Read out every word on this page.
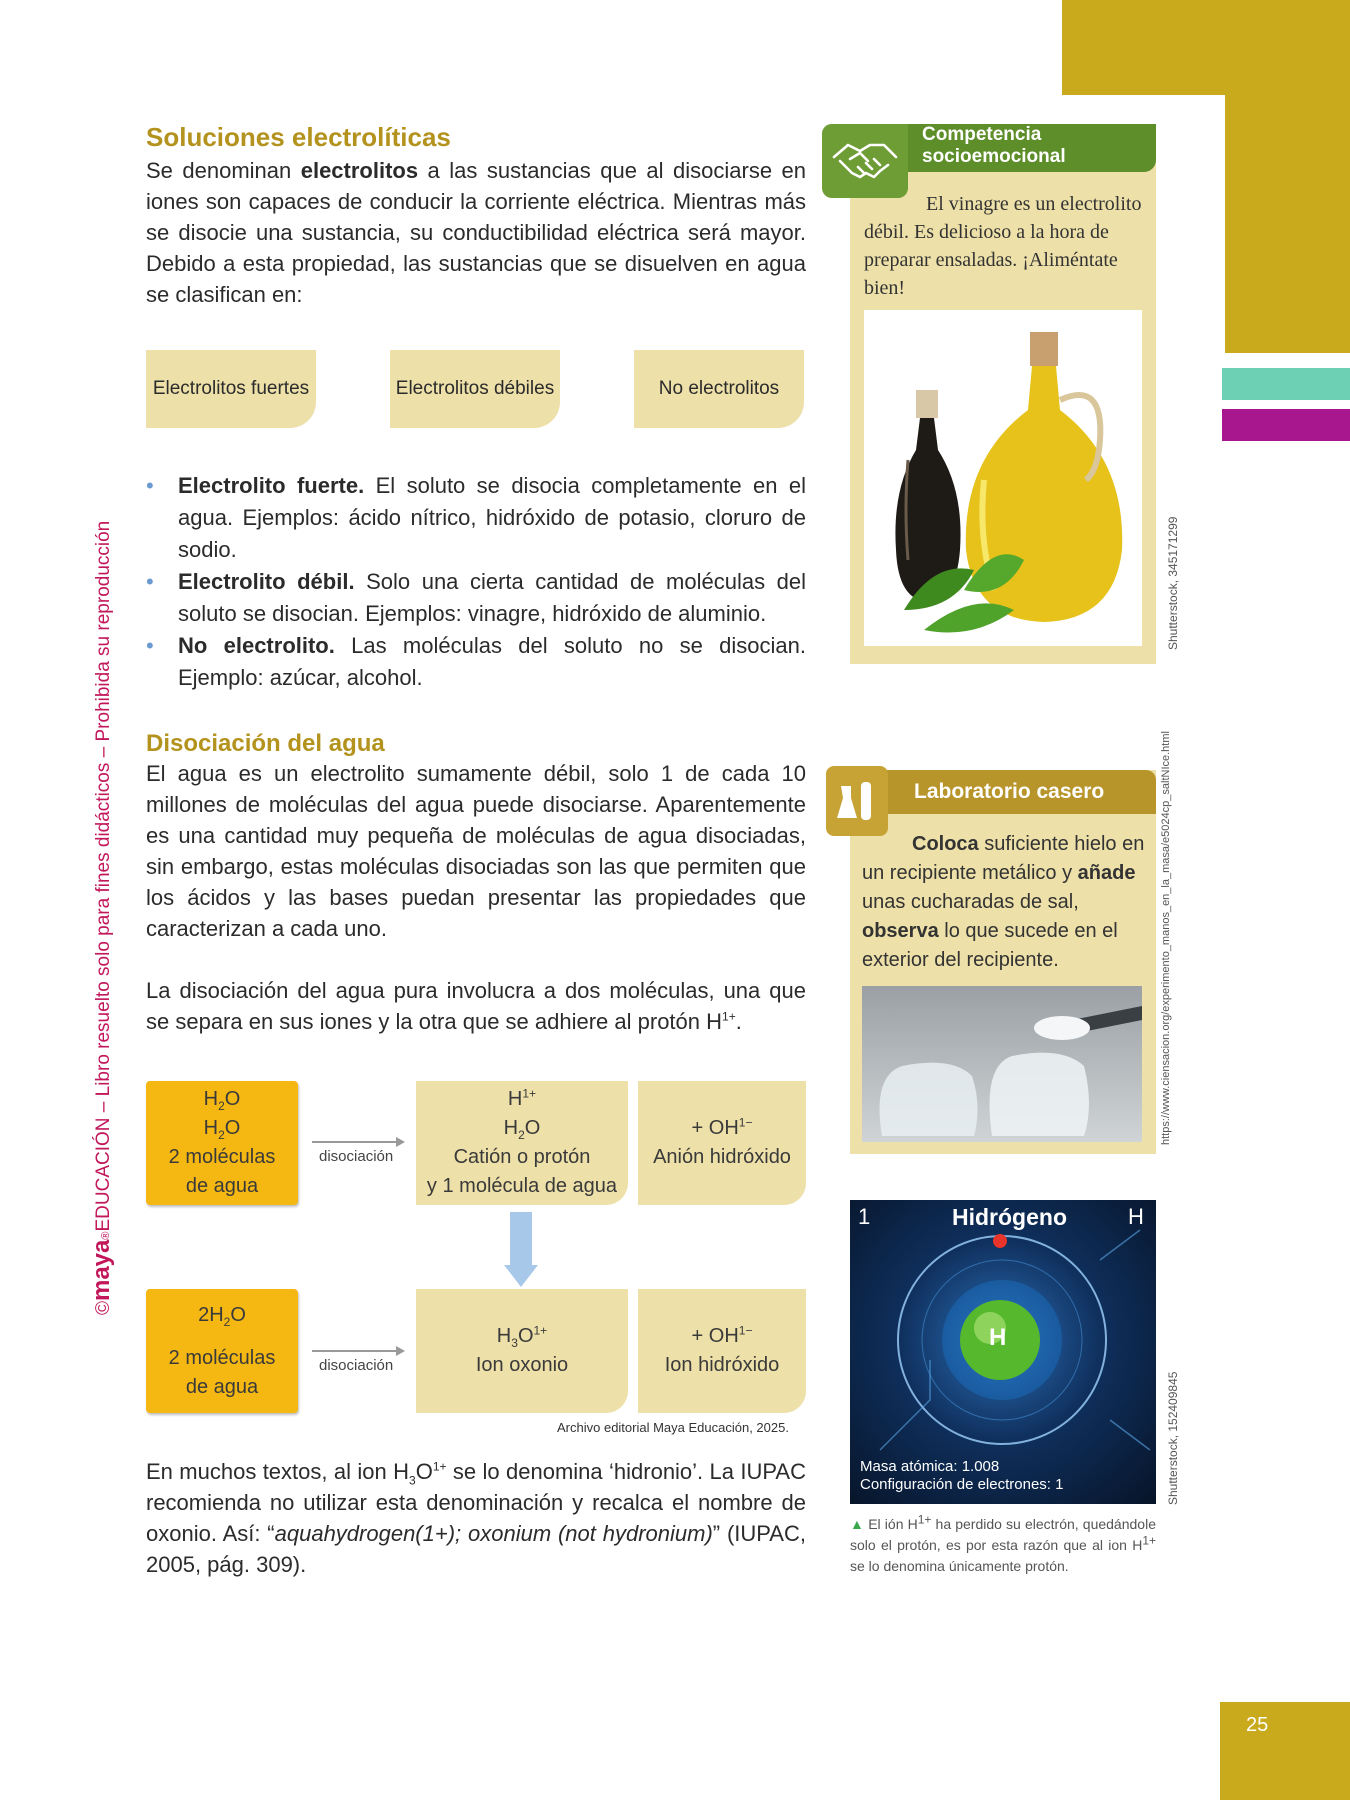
©maya®EDUCACIÓN – Libro resuelto solo para fines didácticos – Prohibida su reproducción
Soluciones electrolíticas

Se denominan electrolitos a las sustancias que al disociarse en iones son capaces de conducir la corriente eléctrica. Mientras más se disocie una sustancia, su conductibilidad eléctrica será mayor. Debido a esta propiedad, las sustancias que se disuelven en agua se clasifican en:

Electrolitos fuertes	Electrolitos débiles	No electrolitos
• Electrolito fuerte. El soluto se disocia completamente en el agua. Ejemplos: ácido nítrico, hidróxido de potasio, cloruro de sodio.
• Electrolito débil. Solo una cierta cantidad de moléculas del soluto se disocian. Ejemplos: vinagre, hidróxido de aluminio.
• No electrolito. Las moléculas del soluto no se disocian. Ejemplo: azúcar, alcohol.
Disociación del agua

El agua es un electrolito sumamente débil, solo 1 de cada 10 millones de moléculas del agua puede disociarse. Aparentemente es una cantidad muy pequeña de moléculas de agua disociadas, sin embargo, estas moléculas disociadas son las que permiten que los ácidos y las bases puedan presentar las propiedades que caracterizan a cada uno.

La disociación del agua pura involucra a dos moléculas, una que se separa en sus iones y la otra que se adhiere al protón $H^{1+}$.

$H_2O$
$H_2O$
2 moléculas
de agua
disociación
$H^{1+}$
$H_2O$
Catión o protón
y 1 molécula de agua
+ $OH^{1-}$
Anión hidróxido
$2H_2O$
2 moléculas
de agua
disociación
$H_3O^{1+}$
Ion oxonio
+ $OH^{1-}$
Ion hidróxido
Archivo editorial Maya Educación, 2025.

En muchos textos, al ion $H_3O^{1+}$ se lo denomina ‘hidronio’. La IUPAC recomienda no utilizar esta denominación y recalca el nombre de oxonio. Así: “aquahydrogen(1+); oxonium (not hydronium)” (IUPAC, 2005, pág. 309).

Competencia
socioemocional
El vinagre es un electrolito débil. Es delicioso a la hora de preparar ensaladas. ¡Aliméntate bien!
Shutterstock, 345171299
Laboratorio casero
Coloca suficiente hielo en un recipiente metálico y añade unas cucharadas de sal, observa lo que sucede en el exterior del recipiente.	https://www.ciensacion.org/experimento_manos_en_la_masa/e5024cp_saltNIce.html
1	Hidrógeno	H
H
Masa atómica: 1.008
Configuración de electrones: 1	Shutterstock, 152409845
▲ El ión $H^{1+}$ ha perdido su electrón, quedándole solo el protón, es por esta razón que al ion $H^{1+}$ se lo denomina únicamente protón.
25
